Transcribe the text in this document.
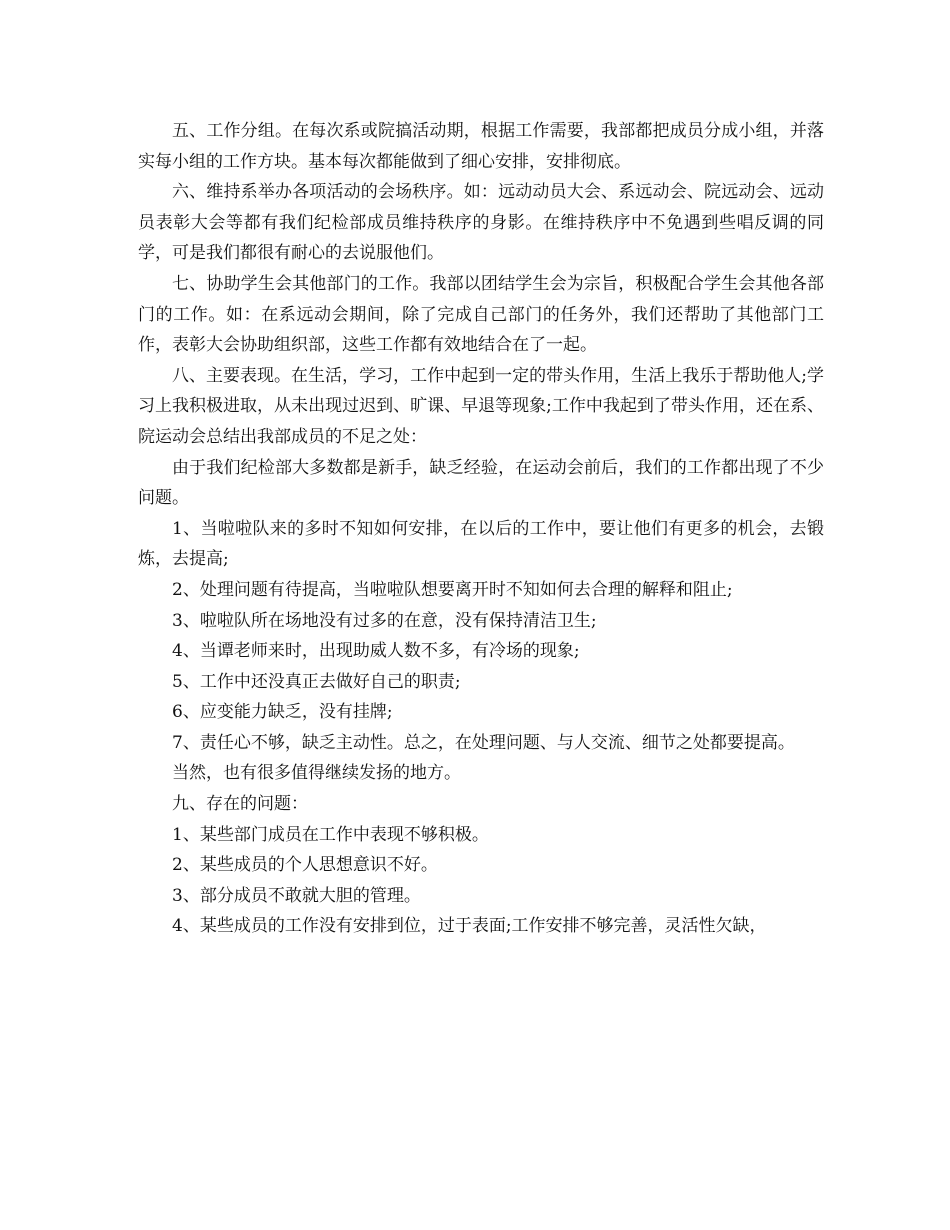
五、工作分组。在每次系或院搞活动期，根据工作需要，我部都把成员分成小组，并落实每小组的工作方块。基本每次都能做到了细心安排，安排彻底。

六、维持系举办各项活动的会场秩序。如：远动动员大会、系远动会、院远动会、远动员表彰大会等都有我们纪检部成员维持秩序的身影。在维持秩序中不免遇到些唱反调的同学，可是我们都很有耐心的去说服他们。

七、协助学生会其他部门的工作。我部以团结学生会为宗旨，积极配合学生会其他各部门的工作。如：在系远动会期间，除了完成自己部门的任务外，我们还帮助了其他部门工作，表彰大会协助组织部，这些工作都有效地结合在了一起。

八、主要表现。在生活，学习，工作中起到一定的带头作用，生活上我乐于帮助他人;学习上我积极进取，从未出现过迟到、旷课、早退等现象;工作中我起到了带头作用，还在系、院运动会总结出我部成员的不足之处：

由于我们纪检部大多数都是新手，缺乏经验，在运动会前后，我们的工作都出现了不少问题。

1、当啦啦队来的多时不知如何安排，在以后的工作中，要让他们有更多的机会，去锻炼，去提高;

2、处理问题有待提高，当啦啦队想要离开时不知如何去合理的解释和阻止;

3、啦啦队所在场地没有过多的在意，没有保持清洁卫生;

4、当谭老师来时，出现助威人数不多，有冷场的现象;

5、工作中还没真正去做好自己的职责;

6、应变能力缺乏，没有挂牌;

7、责任心不够，缺乏主动性。总之，在处理问题、与人交流、细节之处都要提高。

当然，也有很多值得继续发扬的地方。

九、存在的问题：

1、某些部门成员在工作中表现不够积极。

2、某些成员的个人思想意识不好。

3、部分成员不敢就大胆的管理。

4、某些成员的工作没有安排到位，过于表面;工作安排不够完善，灵活性欠缺，
